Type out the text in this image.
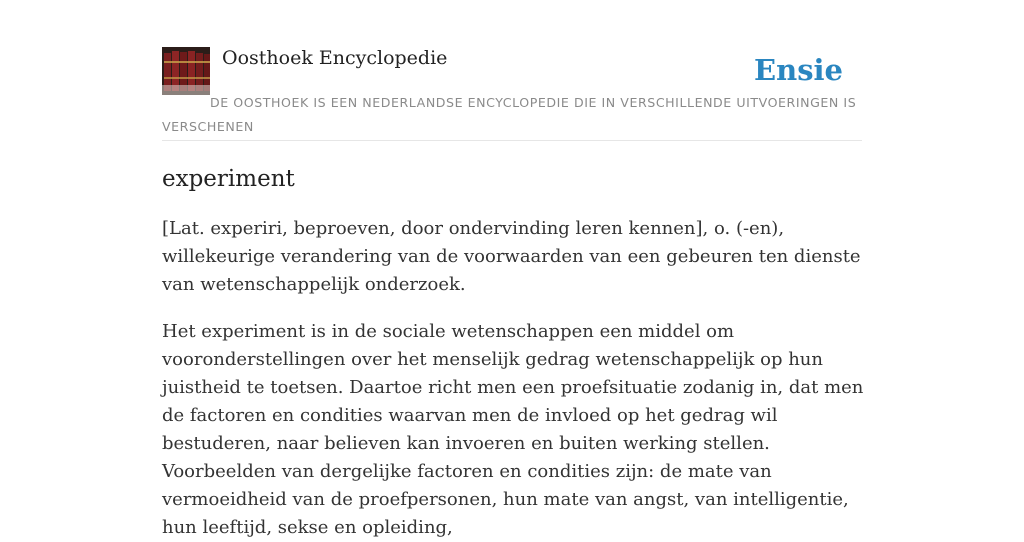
Oosthoek Encyclopedie	Ensie
DE OOSTHOEK IS EEN NEDERLANDSE ENCYCLOPEDIE DIE IN VERSCHILLENDE UITVOERINGEN IS VERSCHENEN
experiment

[Lat. experiri, beproeven, door ondervinding leren kennen], o. (-en), willekeurige verandering van de voorwaarden van een gebeuren ten dienste van wetenschappelijk onderzoek.

Het experiment is in de sociale wetenschappen een middel om vooronderstellingen over het menselijk gedrag wetenschappelijk op hun juistheid te toetsen. Daartoe richt men een proefsituatie zodanig in, dat men de factoren en condities waarvan men de invloed op het gedrag wil bestuderen, naar believen kan invoeren en buiten werking stellen. Voorbeelden van dergelijke factoren en condities zijn: de mate van vermoeidheid van de proefpersonen, hun mate van angst, van intelligentie, hun leeftijd, sekse en opleiding,
